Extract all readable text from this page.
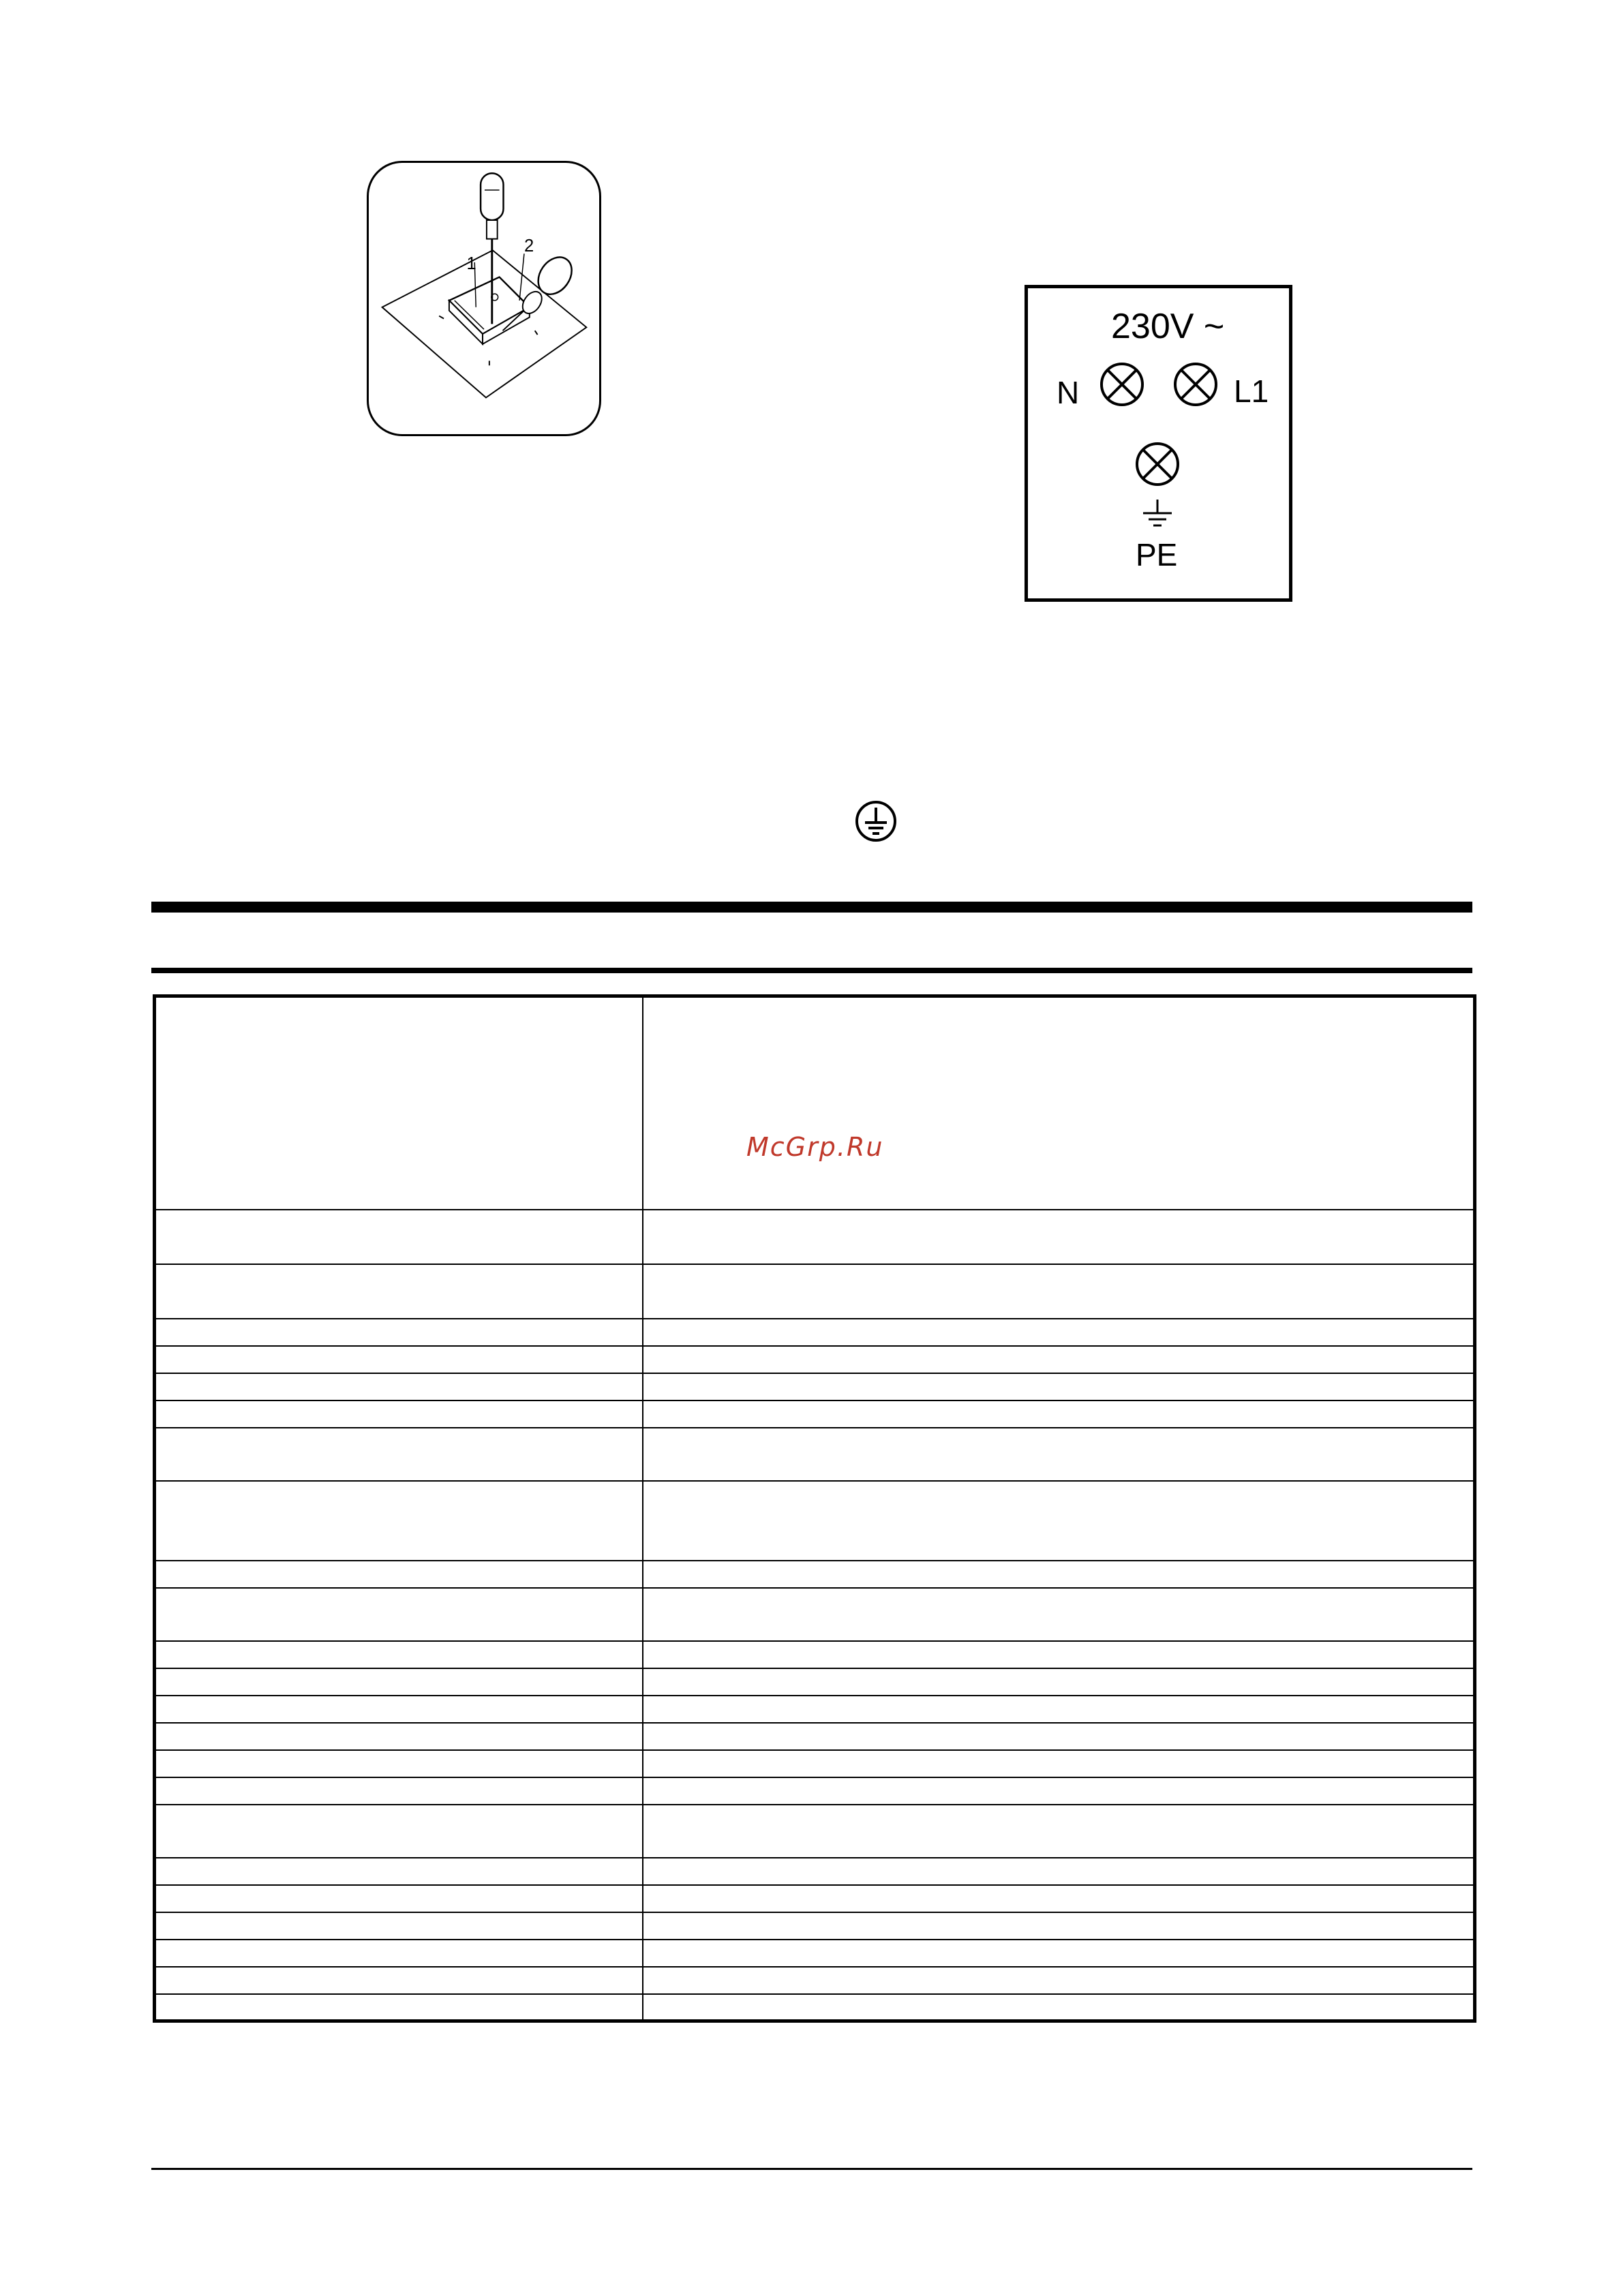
1
2
230V ~
N	L1
PE

McGrp.Ru
